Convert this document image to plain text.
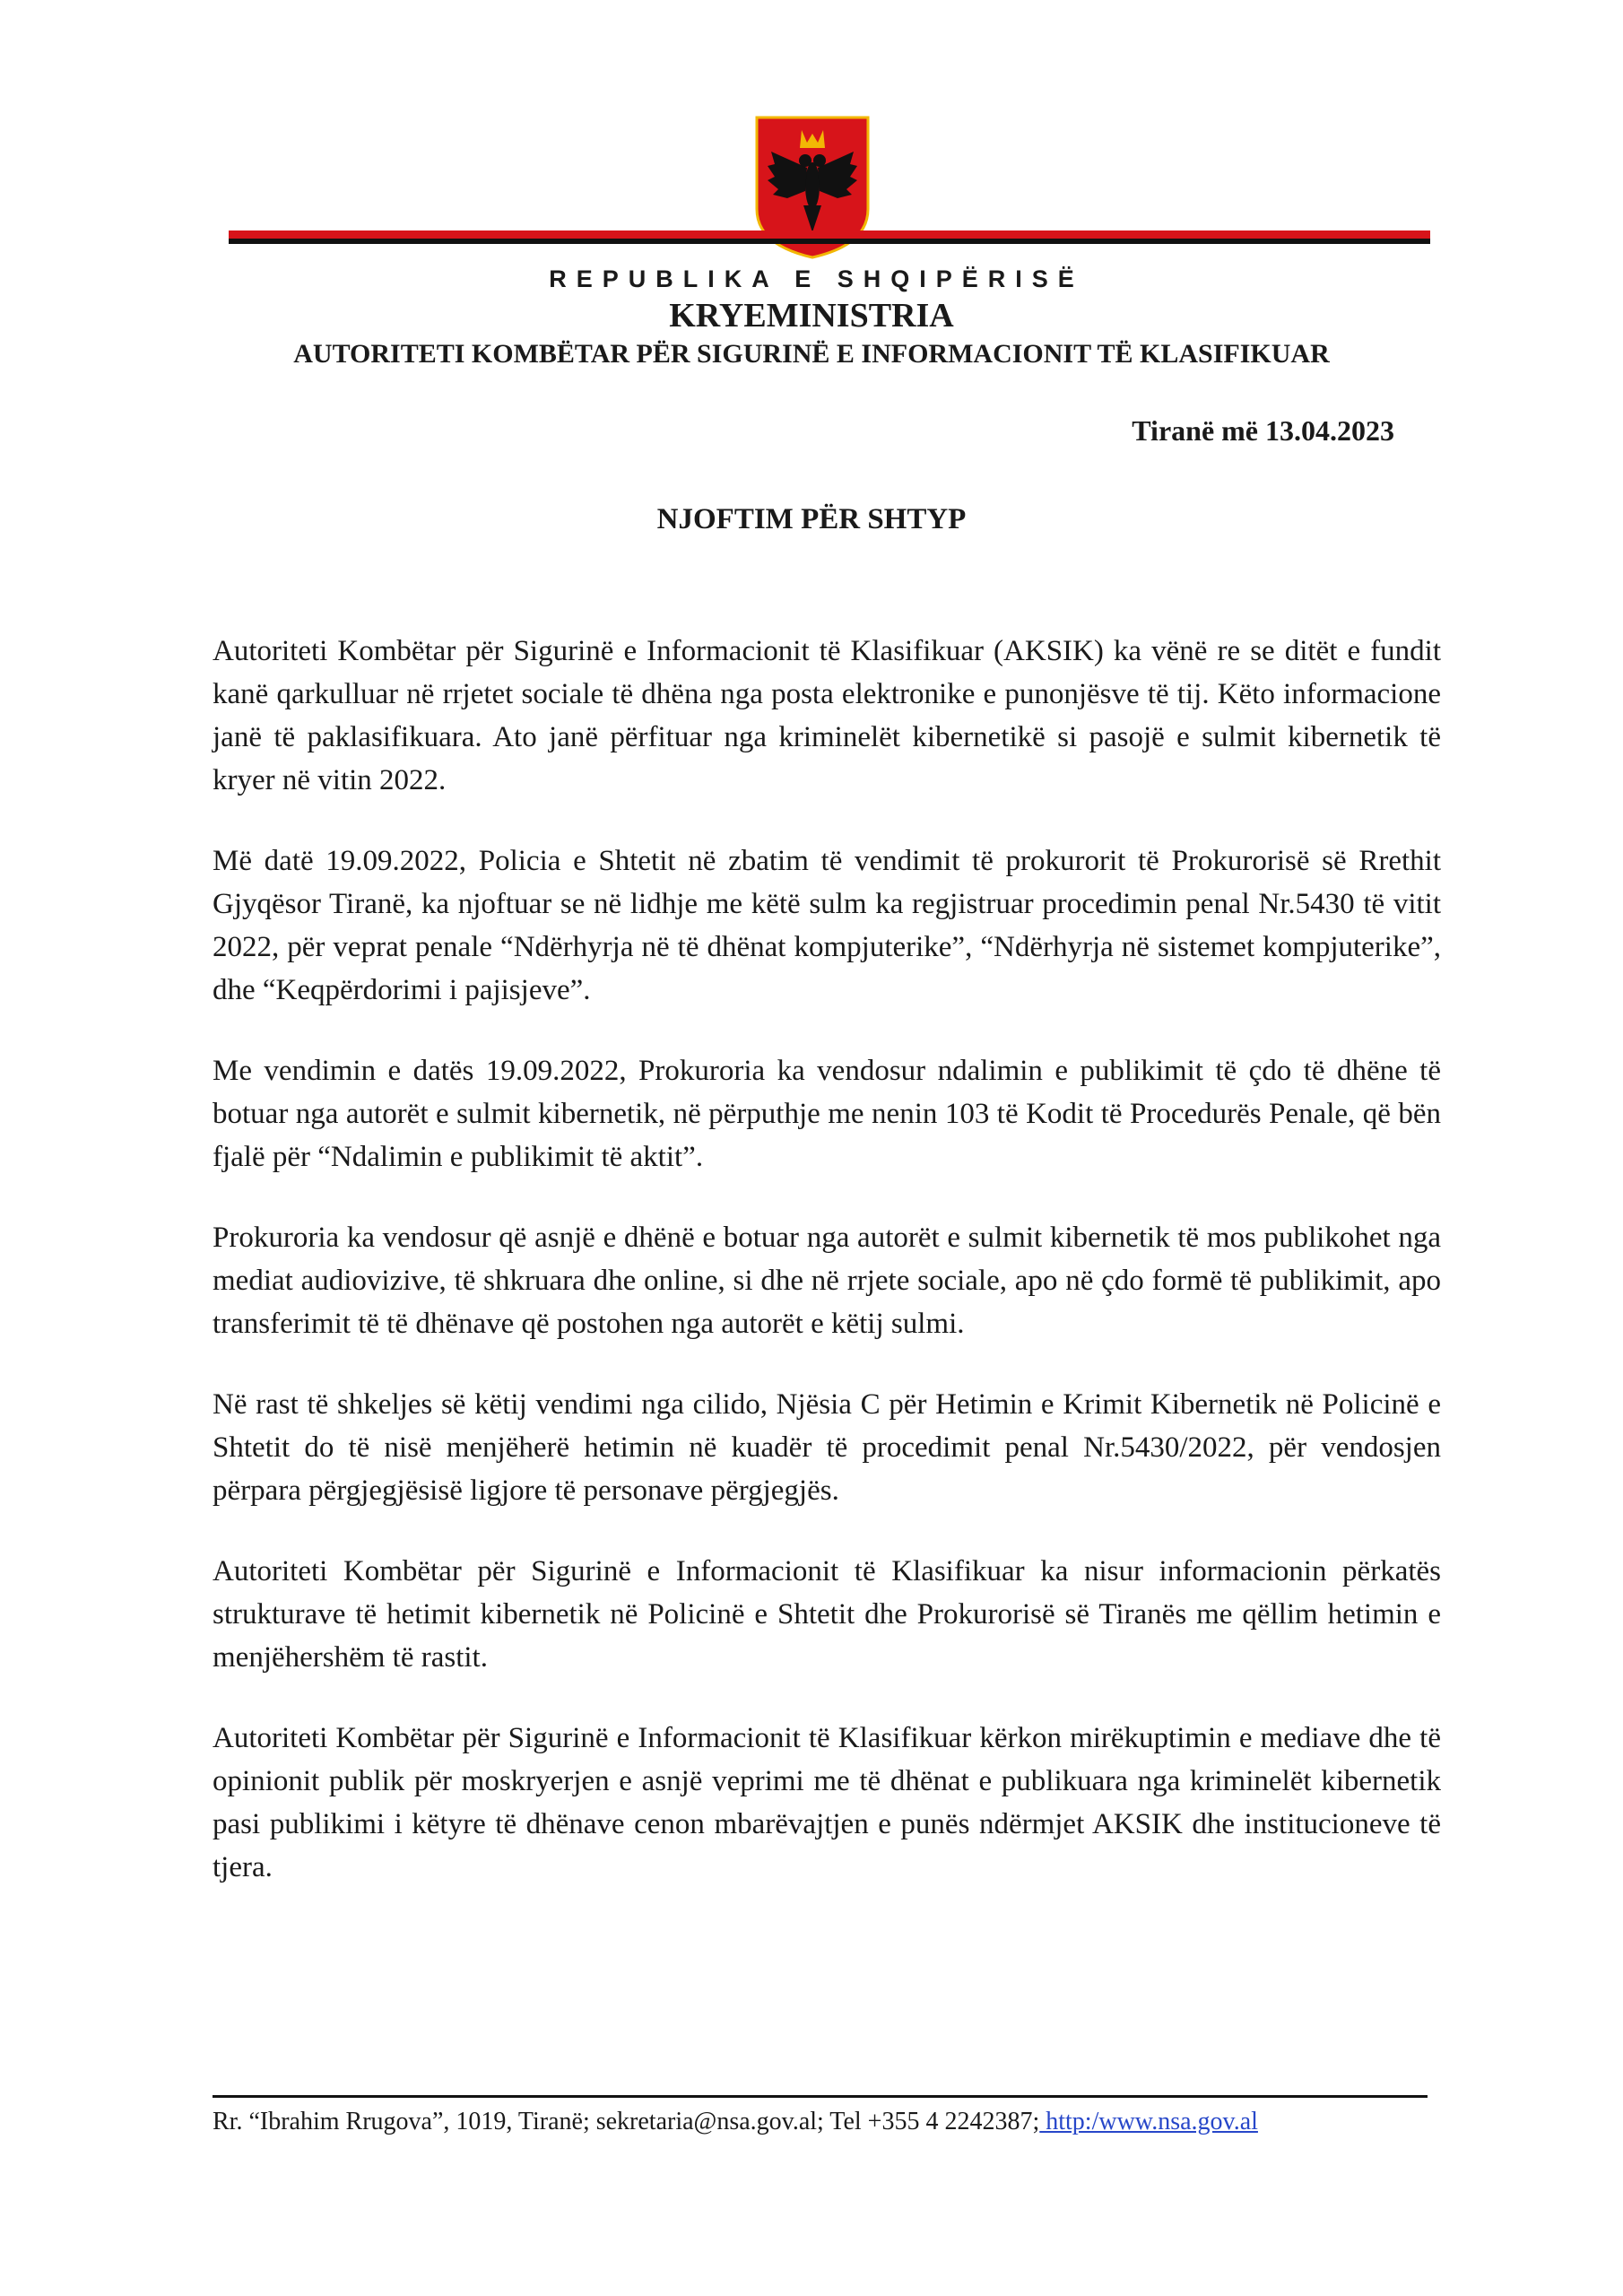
REPUBLIKA E SHQIPËRISË
KRYEMINISTRIA
AUTORITETI KOMBËTAR PËR SIGURINË E INFORMACIONIT TË KLASIFIKUAR
Tiranë më 13.04.2023
NJOFTIM PËR SHTYP

Autoriteti Kombëtar për Sigurinë e Informacionit të Klasifikuar (AKSIK) ka vënë re se ditët e fundit kanë qarkulluar në rrjetet sociale të dhëna nga posta elektronike e punonjësve të tij. Këto informacione janë të paklasifikuara. Ato janë përfituar nga kriminelët kibernetikë si pasojë e sulmit kibernetik të kryer në vitin 2022.

Më datë 19.09.2022, Policia e Shtetit në zbatim të vendimit të prokurorit të Prokurorisë së Rrethit Gjyqësor Tiranë, ka njoftuar se në lidhje me këtë sulm ka regjistruar procedimin penal Nr.5430 të vitit 2022, për veprat penale “Ndërhyrja në të dhënat kompjuterike”, “Ndërhyrja në sistemet kompjuterike”, dhe “Keqpërdorimi i pajisjeve”.

Me vendimin e datës 19.09.2022, Prokuroria ka vendosur ndalimin e publikimit të çdo të dhëne të botuar nga autorët e sulmit kibernetik, në përputhje me nenin 103 të Kodit të Procedurës Penale, që bën fjalë për “Ndalimin e publikimit të aktit”.

Prokuroria ka vendosur që asnjë e dhënë e botuar nga autorët e sulmit kibernetik të mos publikohet nga mediat audiovizive, të shkruara dhe online, si dhe në rrjete sociale, apo në çdo formë të publikimit, apo transferimit të të dhënave që postohen nga autorët e këtij sulmi.

Në rast të shkeljes së këtij vendimi nga cilido, Njësia C për Hetimin e Krimit Kibernetik në Policinë e Shtetit do të nisë menjëherë hetimin në kuadër të procedimit penal Nr.5430/2022, për vendosjen përpara përgjegjësisë ligjore të personave përgjegjës.

Autoriteti Kombëtar për Sigurinë e Informacionit të Klasifikuar ka nisur informacionin përkatës strukturave të hetimit kibernetik në Policinë e Shtetit dhe Prokurorisë së Tiranës me qëllim hetimin e menjëhershëm të rastit.

Autoriteti Kombëtar për Sigurinë e Informacionit të Klasifikuar kërkon mirëkuptimin e mediave dhe të opinionit publik për moskryerjen e asnjë veprimi me të dhënat e publikuara nga kriminelët kibernetik pasi publikimi i këtyre të dhënave cenon mbarëvajtjen e punës ndërmjet AKSIK dhe institucioneve të tjera.

Rr. “Ibrahim Rrugova”, 1019, Tiranë; sekretaria@nsa.gov.al; Tel +355 4 2242387; http:/www.nsa.gov.al
